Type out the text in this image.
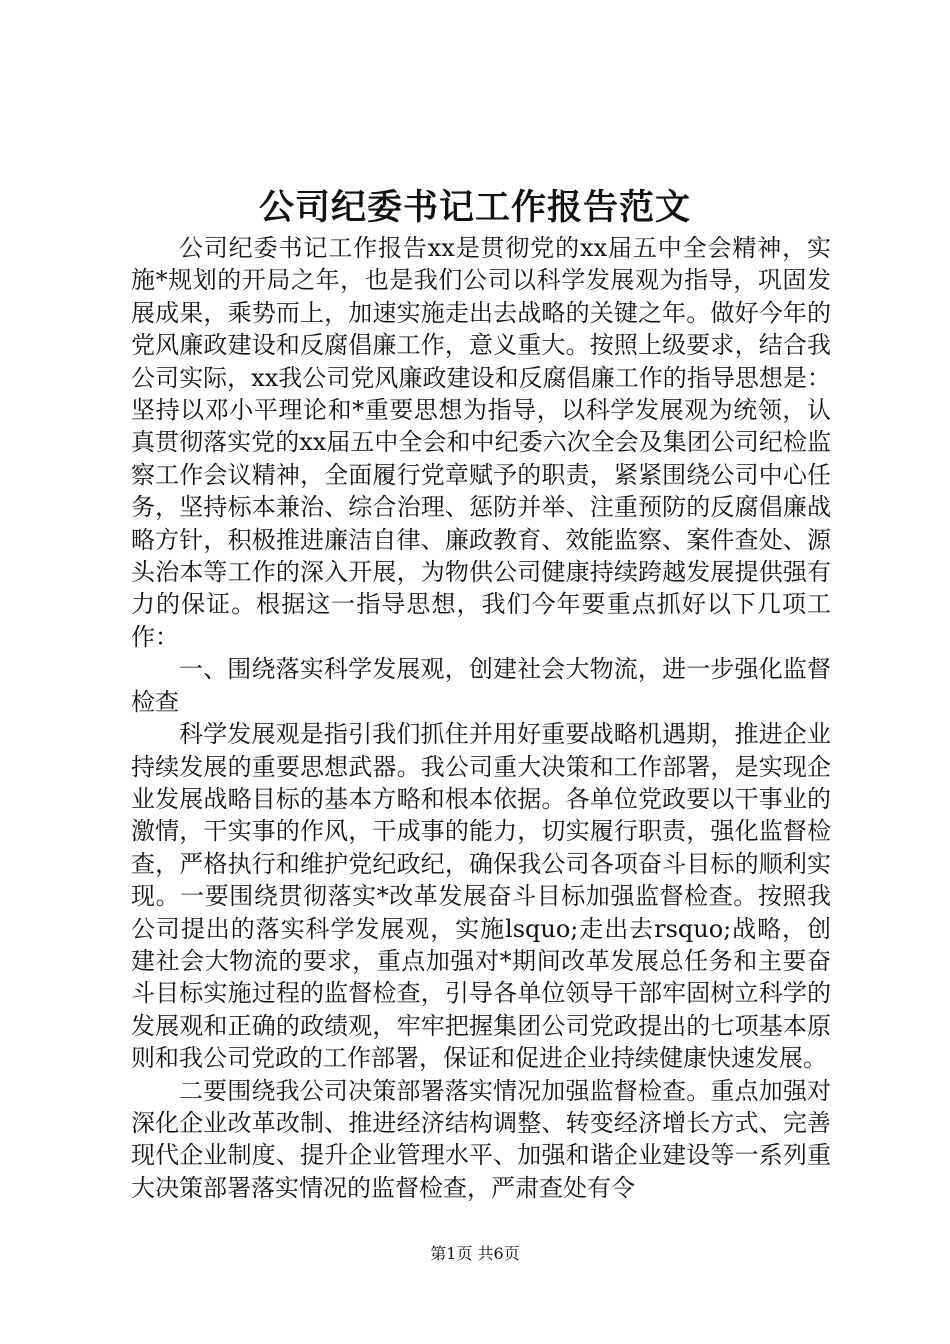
公司纪委书记工作报告范文

公司纪委书记工作报告xx是贯彻党的xx届五中全会精神，实施*规划的开局之年，也是我们公司以科学发展观为指导，巩固发展成果，乘势而上，加速实施走出去战略的关键之年。做好今年的党风廉政建设和反腐倡廉工作，意义重大。按照上级要求，结合我公司实际，xx我公司党风廉政建设和反腐倡廉工作的指导思想是：坚持以邓小平理论和*重要思想为指导，以科学发展观为统领，认真贯彻落实党的xx届五中全会和中纪委六次全会及集团公司纪检监察工作会议精神，全面履行党章赋予的职责，紧紧围绕公司中心任务，坚持标本兼治、综合治理、惩防并举、注重预防的反腐倡廉战略方针，积极推进廉洁自律、廉政教育、效能监察、案件查处、源头治本等工作的深入开展，为物供公司健康持续跨越发展提供强有力的保证。根据这一指导思想，我们今年要重点抓好以下几项工作：

一、围绕落实科学发展观，创建社会大物流，进一步强化监督检查

科学发展观是指引我们抓住并用好重要战略机遇期，推进企业持续发展的重要思想武器。我公司重大决策和工作部署，是实现企业发展战略目标的基本方略和根本依据。各单位党政要以干事业的激情，干实事的作风，干成事的能力，切实履行职责，强化监督检查，严格执行和维护党纪政纪，确保我公司各项奋斗目标的顺利实现。一要围绕贯彻落实*改革发展奋斗目标加强监督检查。按照我公司提出的落实科学发展观，实施lsquo;走出去rsquo;战略，创建社会大物流的要求，重点加强对*期间改革发展总任务和主要奋斗目标实施过程的监督检查，引导各单位领导干部牢固树立科学的发展观和正确的政绩观，牢牢把握集团公司党政提出的七项基本原则和我公司党政的工作部署，保证和促进企业持续健康快速发展。

二要围绕我公司决策部署落实情况加强监督检查。重点加强对深化企业改革改制、推进经济结构调整、转变经济增长方式、完善现代企业制度、提升企业管理水平、加强和谐企业建设等一系列重大决策部署落实情况的监督检查，严肃查处有令

第1页 共6页
